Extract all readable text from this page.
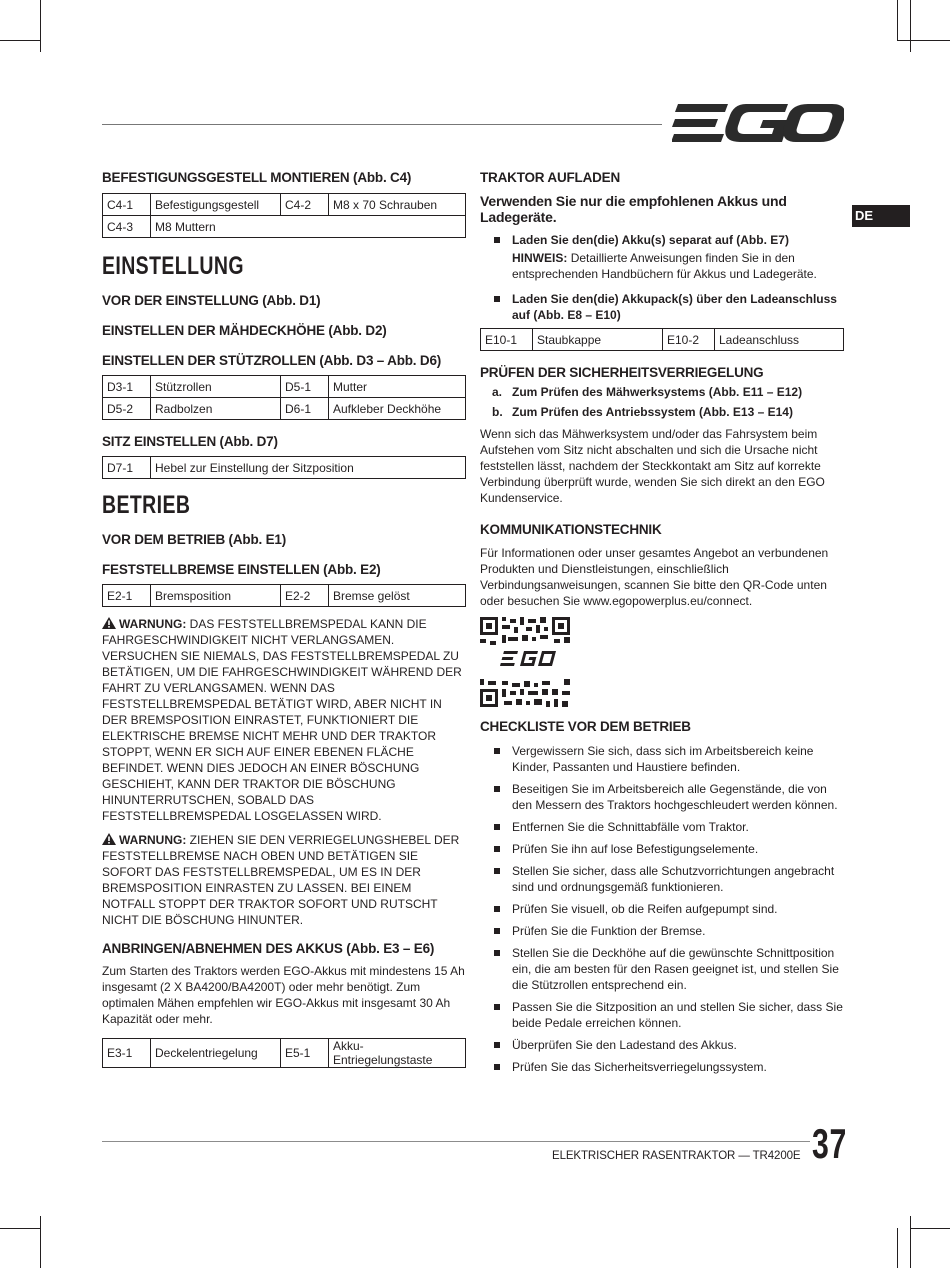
DE
BEFESTIGUNGSGESTELL MONTIEREN (Abb. C4)
C4-1	Befestigungsgestell	C4-2	M8 x 70 Schrauben
C4-3	M8 Muttern		
EINSTELLUNG
VOR DER EINSTELLUNG (Abb. D1)
EINSTELLEN DER MÄHDECKHÖHE (Abb. D2)
EINSTELLEN DER STÜTZROLLEN (Abb. D3 – Abb. D6)
D3-1	Stützrollen	D5-1	Mutter
D5-2	Radbolzen	D6-1	Aufkleber Deckhöhe
SITZ EINSTELLEN (Abb. D7)
D7-1	Hebel zur Einstellung der Sitzposition
BETRIEB
VOR DEM BETRIEB (Abb. E1)
FESTSTELLBREMSE EINSTELLEN (Abb. E2)
E2-1	Bremsposition	E2-2	Bremse gelöst

WARNUNG: DAS FESTSTELLBREMSPEDAL KANN DIE FAHRGESCHWINDIGKEIT NICHT VERLANGSAMEN. VERSUCHEN SIE NIEMALS, DAS FESTSTELLBREMSPEDAL ZU BETÄTIGEN, UM DIE FAHRGESCHWINDIGKEIT WÄHREND DER FAHRT ZU VERLANGSAMEN. WENN DAS FESTSTELLBREMSPEDAL BETÄTIGT WIRD, ABER NICHT IN DER BREMSPOSITION EINRASTET, FUNKTIONIERT DIE ELEKTRISCHE BREMSE NICHT MEHR UND DER TRAKTOR STOPPT, WENN ER SICH AUF EINER EBENEN FLÄCHE BEFINDET. WENN DIES JEDOCH AN EINER BÖSCHUNG GESCHIEHT, KANN DER TRAKTOR DIE BÖSCHUNG HINUNTERRUTSCHEN, SOBALD DAS FESTSTELLBREMSPEDAL LOSGELASSEN WIRD.

WARNUNG: ZIEHEN SIE DEN VERRIEGELUNGSHEBEL DER FESTSTELLBREMSE NACH OBEN UND BETÄTIGEN SIE SOFORT DAS FESTSTELLBREMSPEDAL, UM ES IN DER BREMSPOSITION EINRASTEN ZU LASSEN. BEI EINEM NOTFALL STOPPT DER TRAKTOR SOFORT UND RUTSCHT NICHT DIE BÖSCHUNG HINUNTER.

ANBRINGEN/ABNEHMEN DES AKKUS (Abb. E3 – E6)

Zum Starten des Traktors werden EGO-Akkus mit mindestens 15 Ah insgesamt (2 X BA4200/BA4200T) oder mehr benötigt. Zum optimalen Mähen empfehlen wir EGO-Akkus mit insgesamt 30 Ah Kapazität oder mehr.

E3-1	Deckelentriegelung	E5-1	Akku-Entriegelungstaste
TRAKTOR AUFLADEN
Verwenden Sie nur die empfohlenen Akkus und Ladegeräte.
Laden Sie den(die) Akku(s) separat auf (Abb. E7)

HINWEIS: Detaillierte Anweisungen finden Sie in den entsprechenden Handbüchern für Akkus und Ladegeräte.

Laden Sie den(die) Akkupack(s) über den Ladeanschluss auf (Abb. E8 – E10)
E10-1	Staubkappe	E10-2	Ladeanschluss
PRÜFEN DER SICHERHEITSVERRIEGELUNG
a. Zum Prüfen des Mähwerksystems (Abb. E11 – E12)
b. Zum Prüfen des Antriebssystem (Abb. E13 – E14)

Wenn sich das Mähwerksystem und/oder das Fahrsystem beim Aufstehen vom Sitz nicht abschalten und sich die Ursache nicht feststellen lässt, nachdem der Steckkontakt am Sitz auf korrekte Verbindung überprüft wurde, wenden Sie sich direkt an den EGO Kundenservice.

KOMMUNIKATIONSTECHNIK

Für Informationen oder unser gesamtes Angebot an verbundenen Produkten und Dienstleistungen, einschließlich Verbindungsanweisungen, scannen Sie bitte den QR-Code unten oder besuchen Sie www.egopowerplus.eu/connect.

CHECKLISTE VOR DEM BETRIEB
Vergewissern Sie sich, dass sich im Arbeitsbereich keine Kinder, Passanten und Haustiere befinden.
Beseitigen Sie im Arbeitsbereich alle Gegenstände, die von den Messern des Traktors hochgeschleudert werden können.
Entfernen Sie die Schnittabfälle vom Traktor.
Prüfen Sie ihn auf lose Befestigungselemente.
Stellen Sie sicher, dass alle Schutzvorrichtungen angebracht sind und ordnungsgemäß funktionieren.
Prüfen Sie visuell, ob die Reifen aufgepumpt sind.
Prüfen Sie die Funktion der Bremse.
Stellen Sie die Deckhöhe auf die gewünschte Schnittposition ein, die am besten für den Rasen geeignet ist, und stellen Sie die Stützrollen entsprechend ein.
Passen Sie die Sitzposition an und stellen Sie sicher, dass Sie beide Pedale erreichen können.
Überprüfen Sie den Ladestand des Akkus.
Prüfen Sie das Sicherheitsverriegelungssystem.
ELEKTRISCHER RASENTRAKTOR — TR4200E 37
